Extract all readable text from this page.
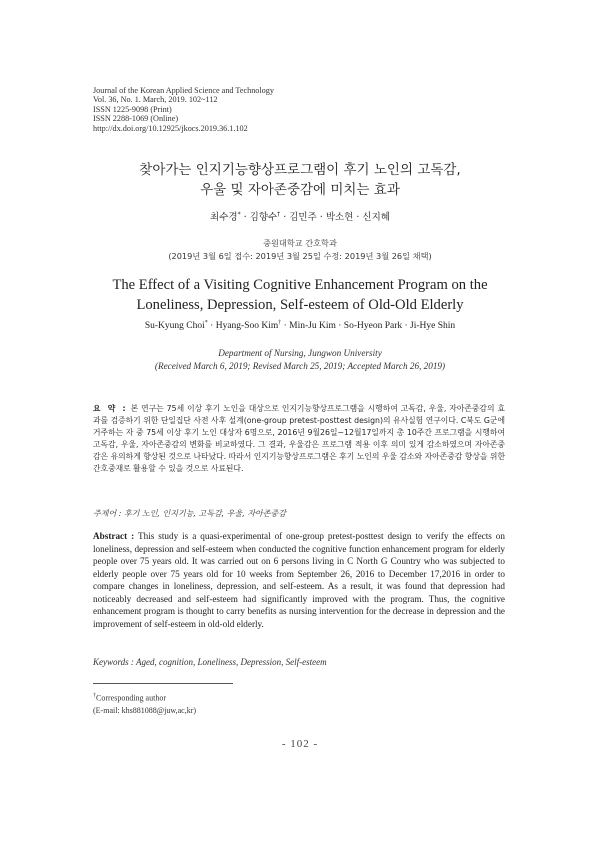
Journal of the Korean Applied Science and Technology
Vol. 36, No. 1. March, 2019. 102~112
ISSN 1225-9098 (Print)
ISSN 2288-1069 (Online)
http://dx.doi.org/10.12925/jkocs.2019.36.1.102
찾아가는 인지기능향상프로그램이 후기 노인의 고독감,
우울 및 자아존중감에 미치는 효과
최수경* · 김향수† · 김민주 · 박소현 · 신지혜
중원대학교 간호학과
(2019년 3월 6일 접수: 2019년 3월 25일 수정: 2019년 3월 26일 채택)
The Effect of a Visiting Cognitive Enhancement Program on the
Loneliness, Depression, Self-esteem of Old-Old Elderly
Su-Kyung Choi* · Hyang-Soo Kim† · Min-Ju Kim · So-Hyeon Park · Ji-Hye Shin
Department of Nursing, Jungwon University
(Received March 6, 2019; Revised March 25, 2019; Accepted March 26, 2019)
요 약 : 본 연구는 75세 이상 후기 노인을 대상으로 인지기능향상프로그램을 시행하여 고독감, 우울, 자아존중감의 효과를 검증하기 위한 단일집단 사전 사후 설계(one-group pretest-posttest design)의 유사실험 연구이다. C북도 G군에 거주하는 자 중 75세 이상 후기 노인 대상자 6명으로, 2016년 9월26일~12월17일까지 총 10주간 프로그램을 시행하여 고독감, 우울, 자아존중감의 변화를 비교하였다. 그 결과, 우울감은 프로그램 적용 이후 의미 있게 감소하였으며 자아존중감은 유의하게 향상된 것으로 나타났다. 따라서 인지기능향상프로그램은 후기 노인의 우울 감소와 자아존중감 향상을 위한 간호중재로 활용할 수 있을 것으로 사료된다.
주제어 : 후기 노인, 인지기능, 고독감, 우울, 자아존중감
Abstract : This study is a quasi-experimental of one-group pretest-posttest design to verify the effects on loneliness, depression and self-esteem when conducted the cognitive function enhancement program for elderly people over 75 years old. It was carried out on 6 persons living in C North G Country who was subjected to elderly people over 75 years old for 10 weeks from September 26, 2016 to December 17,2016 in order to compare changes in loneliness, depression, and self-esteem. As a result, it was found that depression had noticeably decreased and self-esteem had significantly improved with the program. Thus, the cognitive enhancement program is thought to carry benefits as nursing intervention for the decrease in depression and the improvement of self-esteem in old-old elderly.
Keywords : Aged, cognition, Loneliness, Depression, Self-esteem
†Corresponding author
(E-mail: khs881088@juw,ac,kr)
- 102 -
